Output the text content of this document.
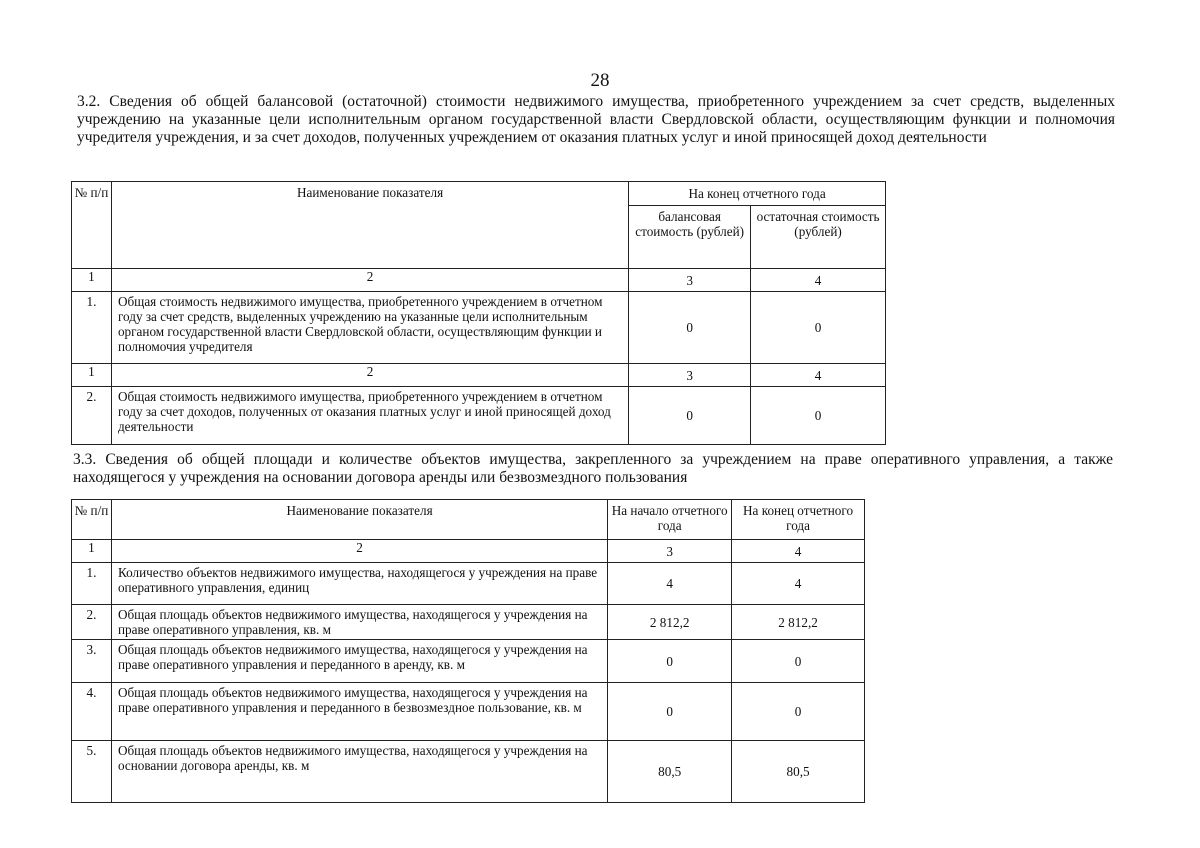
28
3.2. Сведения об общей балансовой (остаточной) стоимости недвижимого имущества, приобретенного учреждением за счет средств, выделенных учреждению на указанные цели исполнительным органом государственной власти Свердловской области, осуществляющим функции и полномочия учредителя учреждения, и за счет доходов, полученных учреждением от оказания платных услуг и иной приносящей доход деятельности
№ п/п	Наименование показателя	На конец отчетного года	
		балансовая стоимость (рублей)	остаточная стоимость (рублей)
1	2	3	4
1.	Общая стоимость недвижимого имущества, приобретенного учреждением в отчетном году за счет средств, выделенных учреждению на указанные цели исполнительным органом государственной власти Свердловской области, осуществляющим функции и полномочия учредителя	0	0
1	2	3	4
2.	Общая стоимость недвижимого имущества, приобретенного учреждением в отчетном году за счет доходов, полученных от оказания платных услуг и иной приносящей доход деятельности	0	0
3.3. Сведения об общей площади и количестве объектов имущества, закрепленного за учреждением на праве оперативного управления, а также находящегося у учреждения на основании договора аренды или безвозмездного пользования
№ п/п	Наименование показателя	На начало отчетного года	На конец отчетного года
1	2	3	4
1.	Количество объектов недвижимого имущества, находящегося у учреждения на праве оперативного управления, единиц	4	4
2.	Общая площадь объектов недвижимого имущества, находящегося у учреждения на праве оперативного управления, кв. м	2 812,2	2 812,2
3.	Общая площадь объектов недвижимого имущества, находящегося у учреждения на праве оперативного управления и переданного в аренду, кв. м	0	0
4.	Общая площадь объектов недвижимого имущества, находящегося у учреждения на праве оперативного управления и переданного в безвозмездное пользование, кв. м	0	0
5.	Общая площадь объектов недвижимого имущества, находящегося у учреждения на основании договора аренды, кв. м	80,5	80,5
